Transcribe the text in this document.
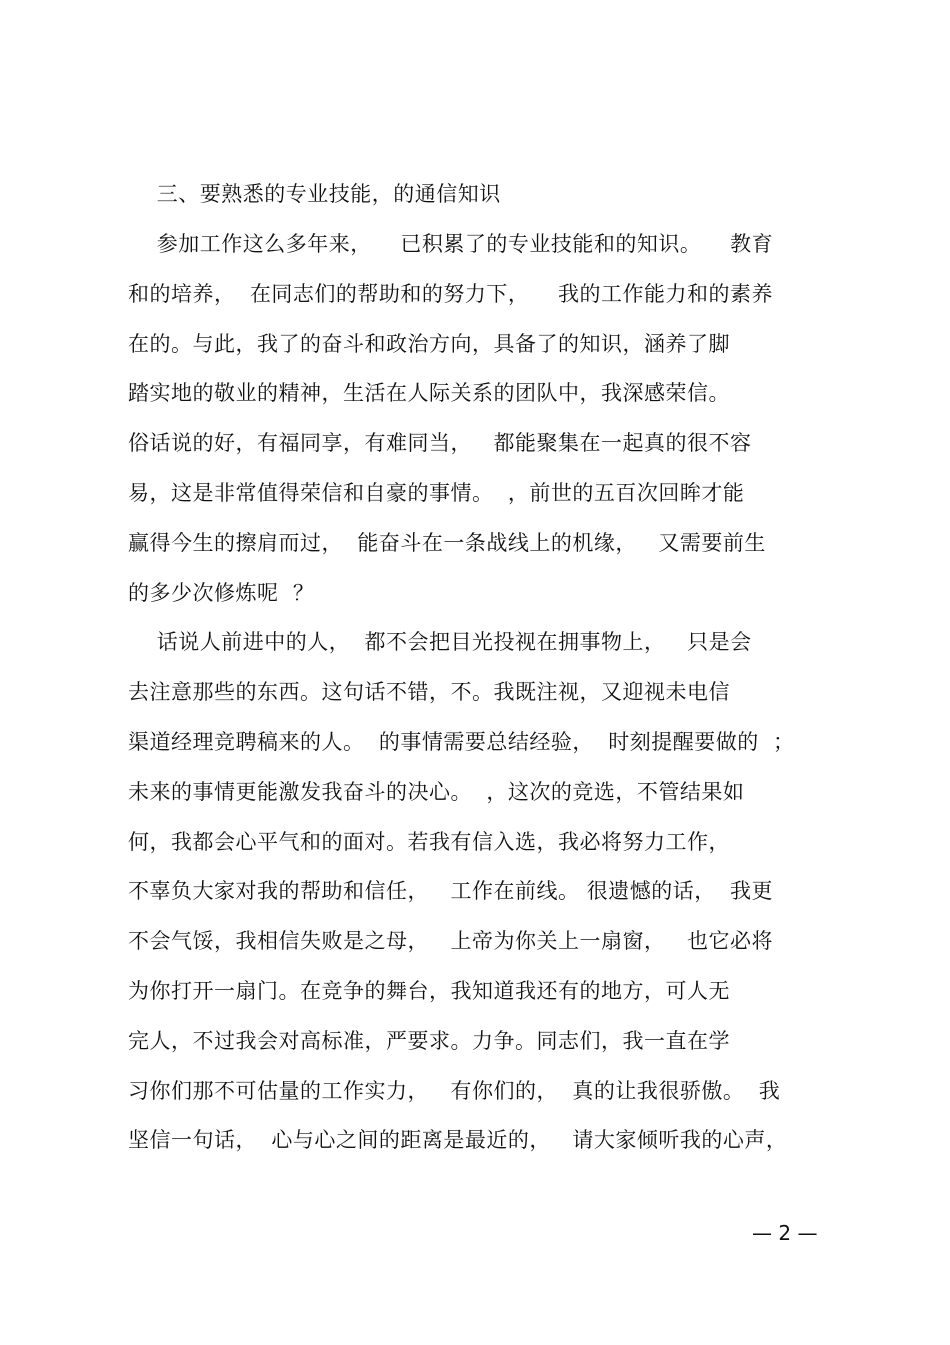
三、要熟悉的专业技能，的通信知识
参加工作这么多年来，    已积累了的专业技能和的知识。    教育
和的培养，  在同志们的帮助和的努力下，    我的工作能力和的素养
在的。与此，我了的奋斗和政治方向，具备了的知识，涵养了脚
踏实地的敬业的精神，生活在人际关系的团队中，我深感荣信。
俗话说的好，有福同享，有难同当，   都能聚集在一起真的很不容
易，这是非常值得荣信和自豪的事情。  ，前世的五百次回眸才能
赢得今生的擦肩而过，  能奋斗在一条战线上的机缘，   又需要前生
的多少次修炼呢  ？
话说人前进中的人，  都不会把目光投视在拥事物上，   只是会
去注意那些的东西。这句话不错，不。我既注视，又迎视未电信
渠道经理竞聘稿来的人。  的事情需要总结经验，  时刻提醒要做的  ；
未来的事情更能激发我奋斗的决心。  ，这次的竞选，不管结果如
何，我都会心平气和的面对。若我有信入选，我必将努力工作，
不辜负大家对我的帮助和信任，   工作在前线。 很遗憾的话，  我更
不会气馁，我相信失败是之母，   上帝为你关上一扇窗，   也它必将
为你打开一扇门。在竞争的舞台，我知道我还有的地方，可人无
完人，不过我会对高标准，严要求。力争。同志们，我一直在学
习你们那不可估量的工作实力，   有你们的，  真的让我很骄傲。  我
坚信一句话，  心与心之间的距离是最近的，   请大家倾听我的心声，
— 2 —
